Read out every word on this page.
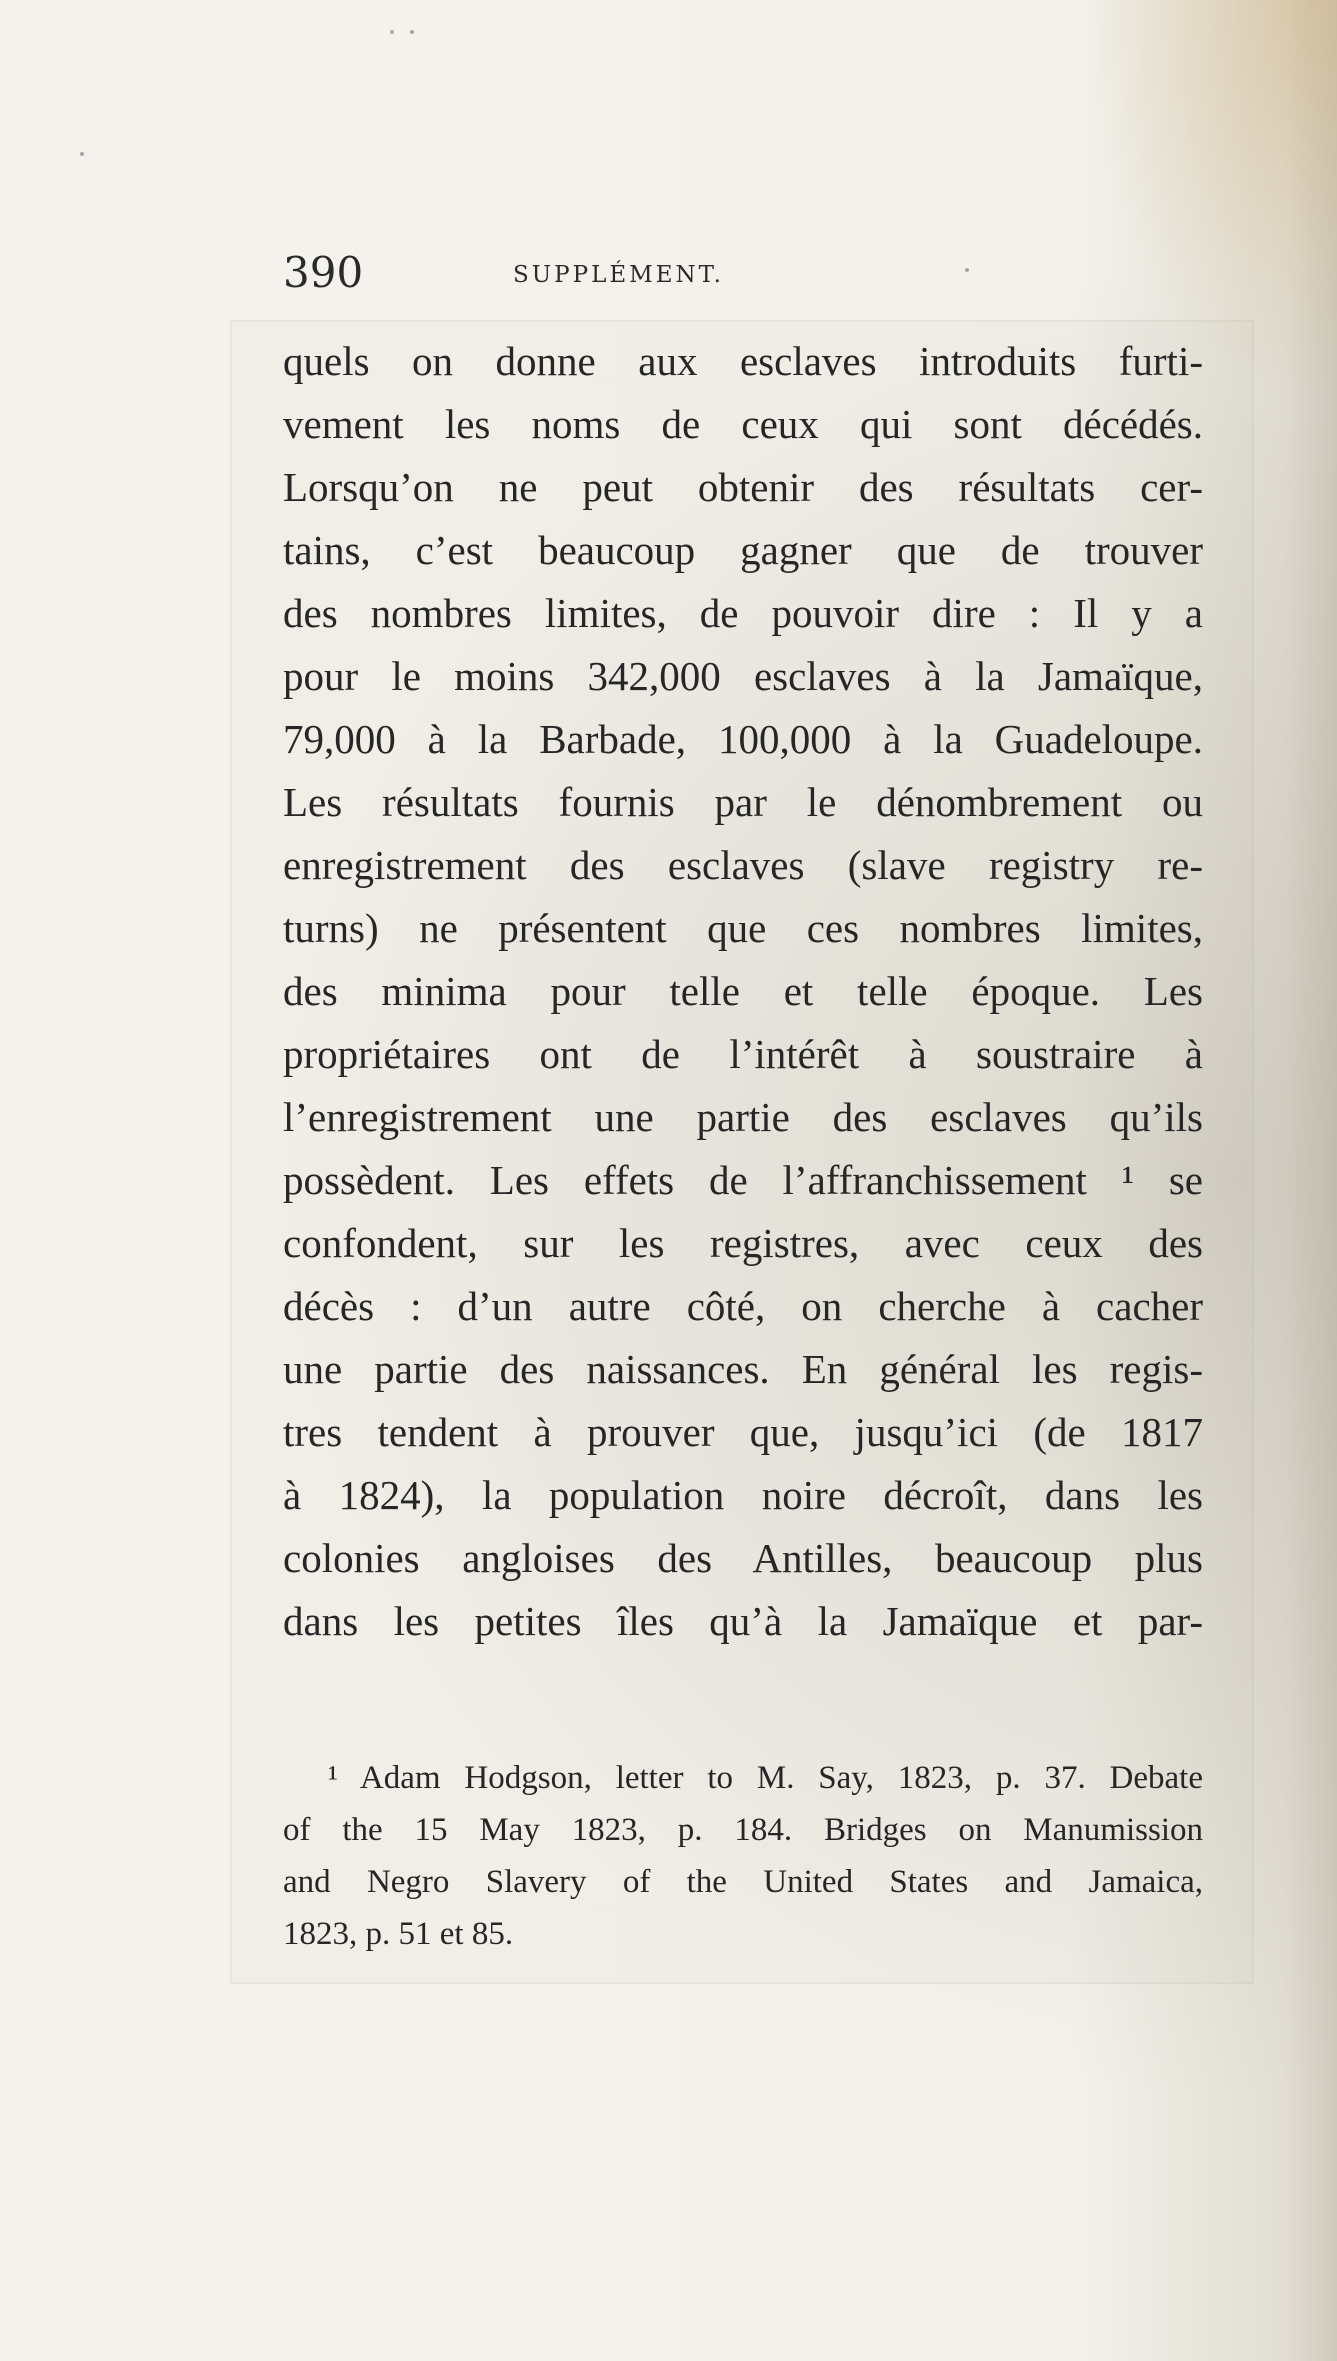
390	SUPPLÉMENT.
quels on donne aux esclaves introduits furti-
vement les noms de ceux qui sont décédés.
Lorsqu’on ne peut obtenir des résultats cer-
tains, c’est beaucoup gagner que de trouver
des nombres limites, de pouvoir dire : Il y a
pour le moins 342,000 esclaves à la Jamaïque,
79,000 à la Barbade, 100,000 à la Guadeloupe.
Les résultats fournis par le dénombrement ou
enregistrement des esclaves (slave registry re-
turns) ne présentent que ces nombres limites,
des minima pour telle et telle époque. Les
propriétaires ont de l’intérêt à soustraire à
l’enregistrement une partie des esclaves qu’ils
possèdent. Les effets de l’affranchissement ¹ se
confondent, sur les registres, avec ceux des
décès : d’un autre côté, on cherche à cacher
une partie des naissances. En général les regis-
tres tendent à prouver que, jusqu’ici (de 1817
à 1824), la population noire décroît, dans les
colonies angloises des Antilles, beaucoup plus
dans les petites îles qu’à la Jamaïque et par-
¹ Adam Hodgson, letter to M. Say, 1823, p. 37. Debate
of the 15 May 1823, p. 184. Bridges on Manumission
and Negro Slavery of the United States and Jamaica,
1823, p. 51 et 85.
